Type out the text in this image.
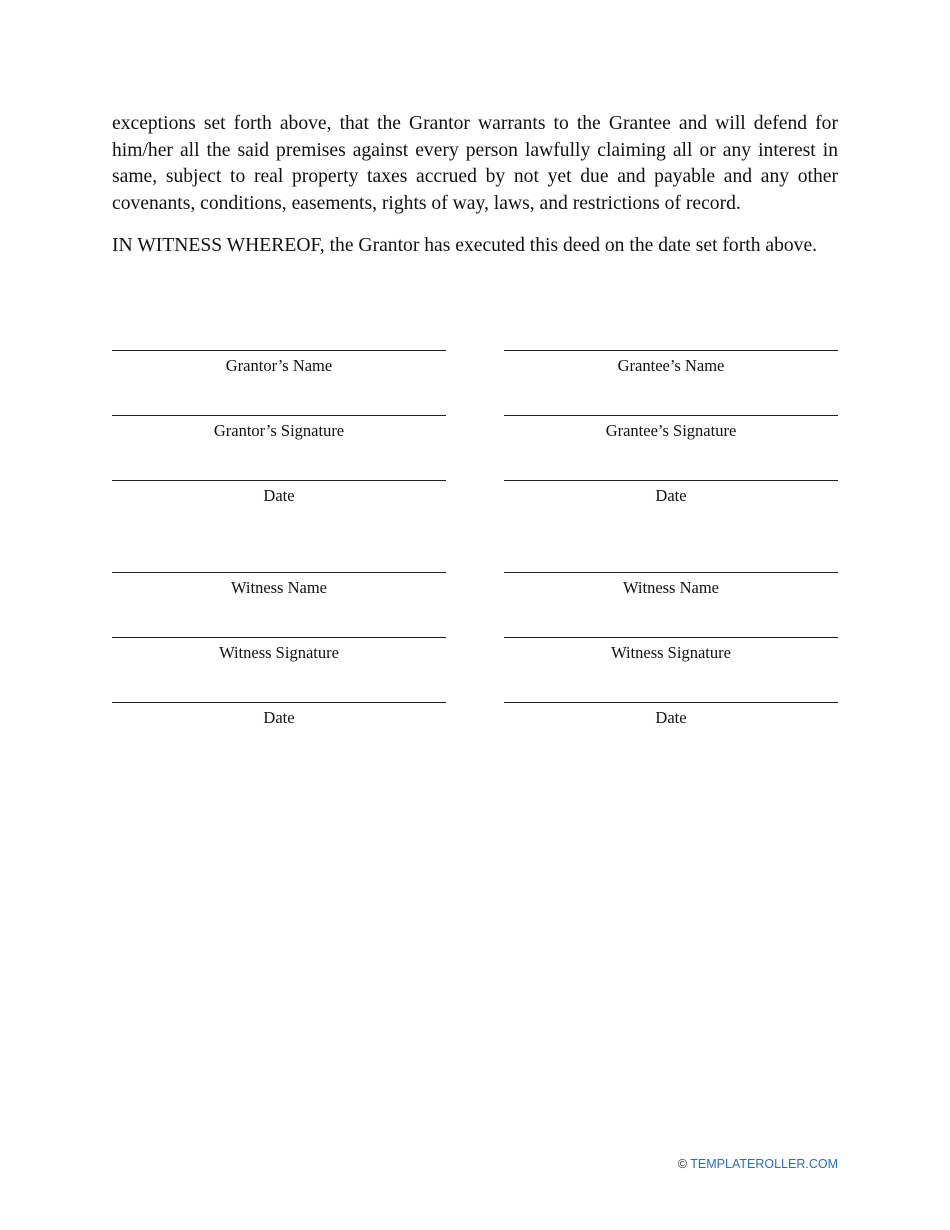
exceptions set forth above, that the Grantor warrants to the Grantee and will defend for him/her all the said premises against every person lawfully claiming all or any interest in same, subject to real property taxes accrued by not yet due and payable and any other covenants, conditions, easements, rights of way, laws, and restrictions of record.

IN WITNESS WHEREOF, the Grantor has executed this deed on the date set forth above.

Grantor’s Name	Grantee’s Name
Grantor’s Signature	Grantee’s Signature
Date	Date
Witness Name	Witness Name
Witness Signature	Witness Signature
Date	Date
© TEMPLATEROLLER.COM
